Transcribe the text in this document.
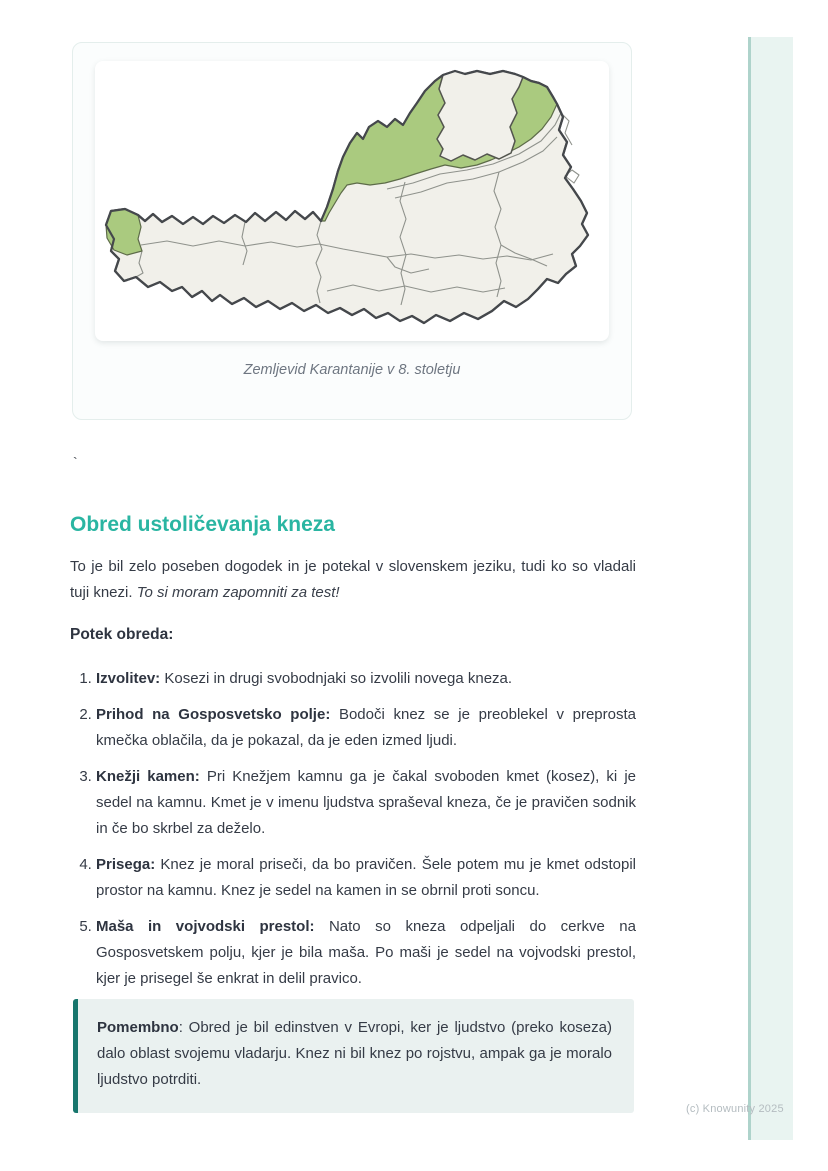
(c) Knowunity 2025
Zemljevid Karantanije v 8. stoletju
`
Obred ustoličevanja kneza

To je bil zelo poseben dogodek in je potekal v slovenskem jeziku, tudi ko so vladali tuji knezi. To si moram zapomniti za test!

Potek obreda:
1. Izvolitev: Kosezi in drugi svobodnjaki so izvolili novega kneza.
2. Prihod na Gosposvetsko polje: Bodoči knez se je preoblekel v preprosta kmečka oblačila, da je pokazal, da je eden izmed ljudi.
3. Knežji kamen: Pri Knežjem kamnu ga je čakal svoboden kmet (kosez), ki je sedel na kamnu. Kmet je v imenu ljudstva spraševal kneza, če je pravičen sodnik in če bo skrbel za deželo.
4. Prisega: Knez je moral priseči, da bo pravičen. Šele potem mu je kmet odstopil prostor na kamnu. Knez je sedel na kamen in se obrnil proti soncu.
5. Maša in vojvodski prestol: Nato so kneza odpeljali do cerkve na Gosposvetskem polju, kjer je bila maša. Po maši je sedel na vojvodski prestol, kjer je prisegel še enkrat in delil pravico.
Pomembno: Obred je bil edinstven v Evropi, ker je ljudstvo (preko koseza) dalo oblast svojemu vladarju. Knez ni bil knez po rojstvu, ampak ga je moralo ljudstvo potrditi.
